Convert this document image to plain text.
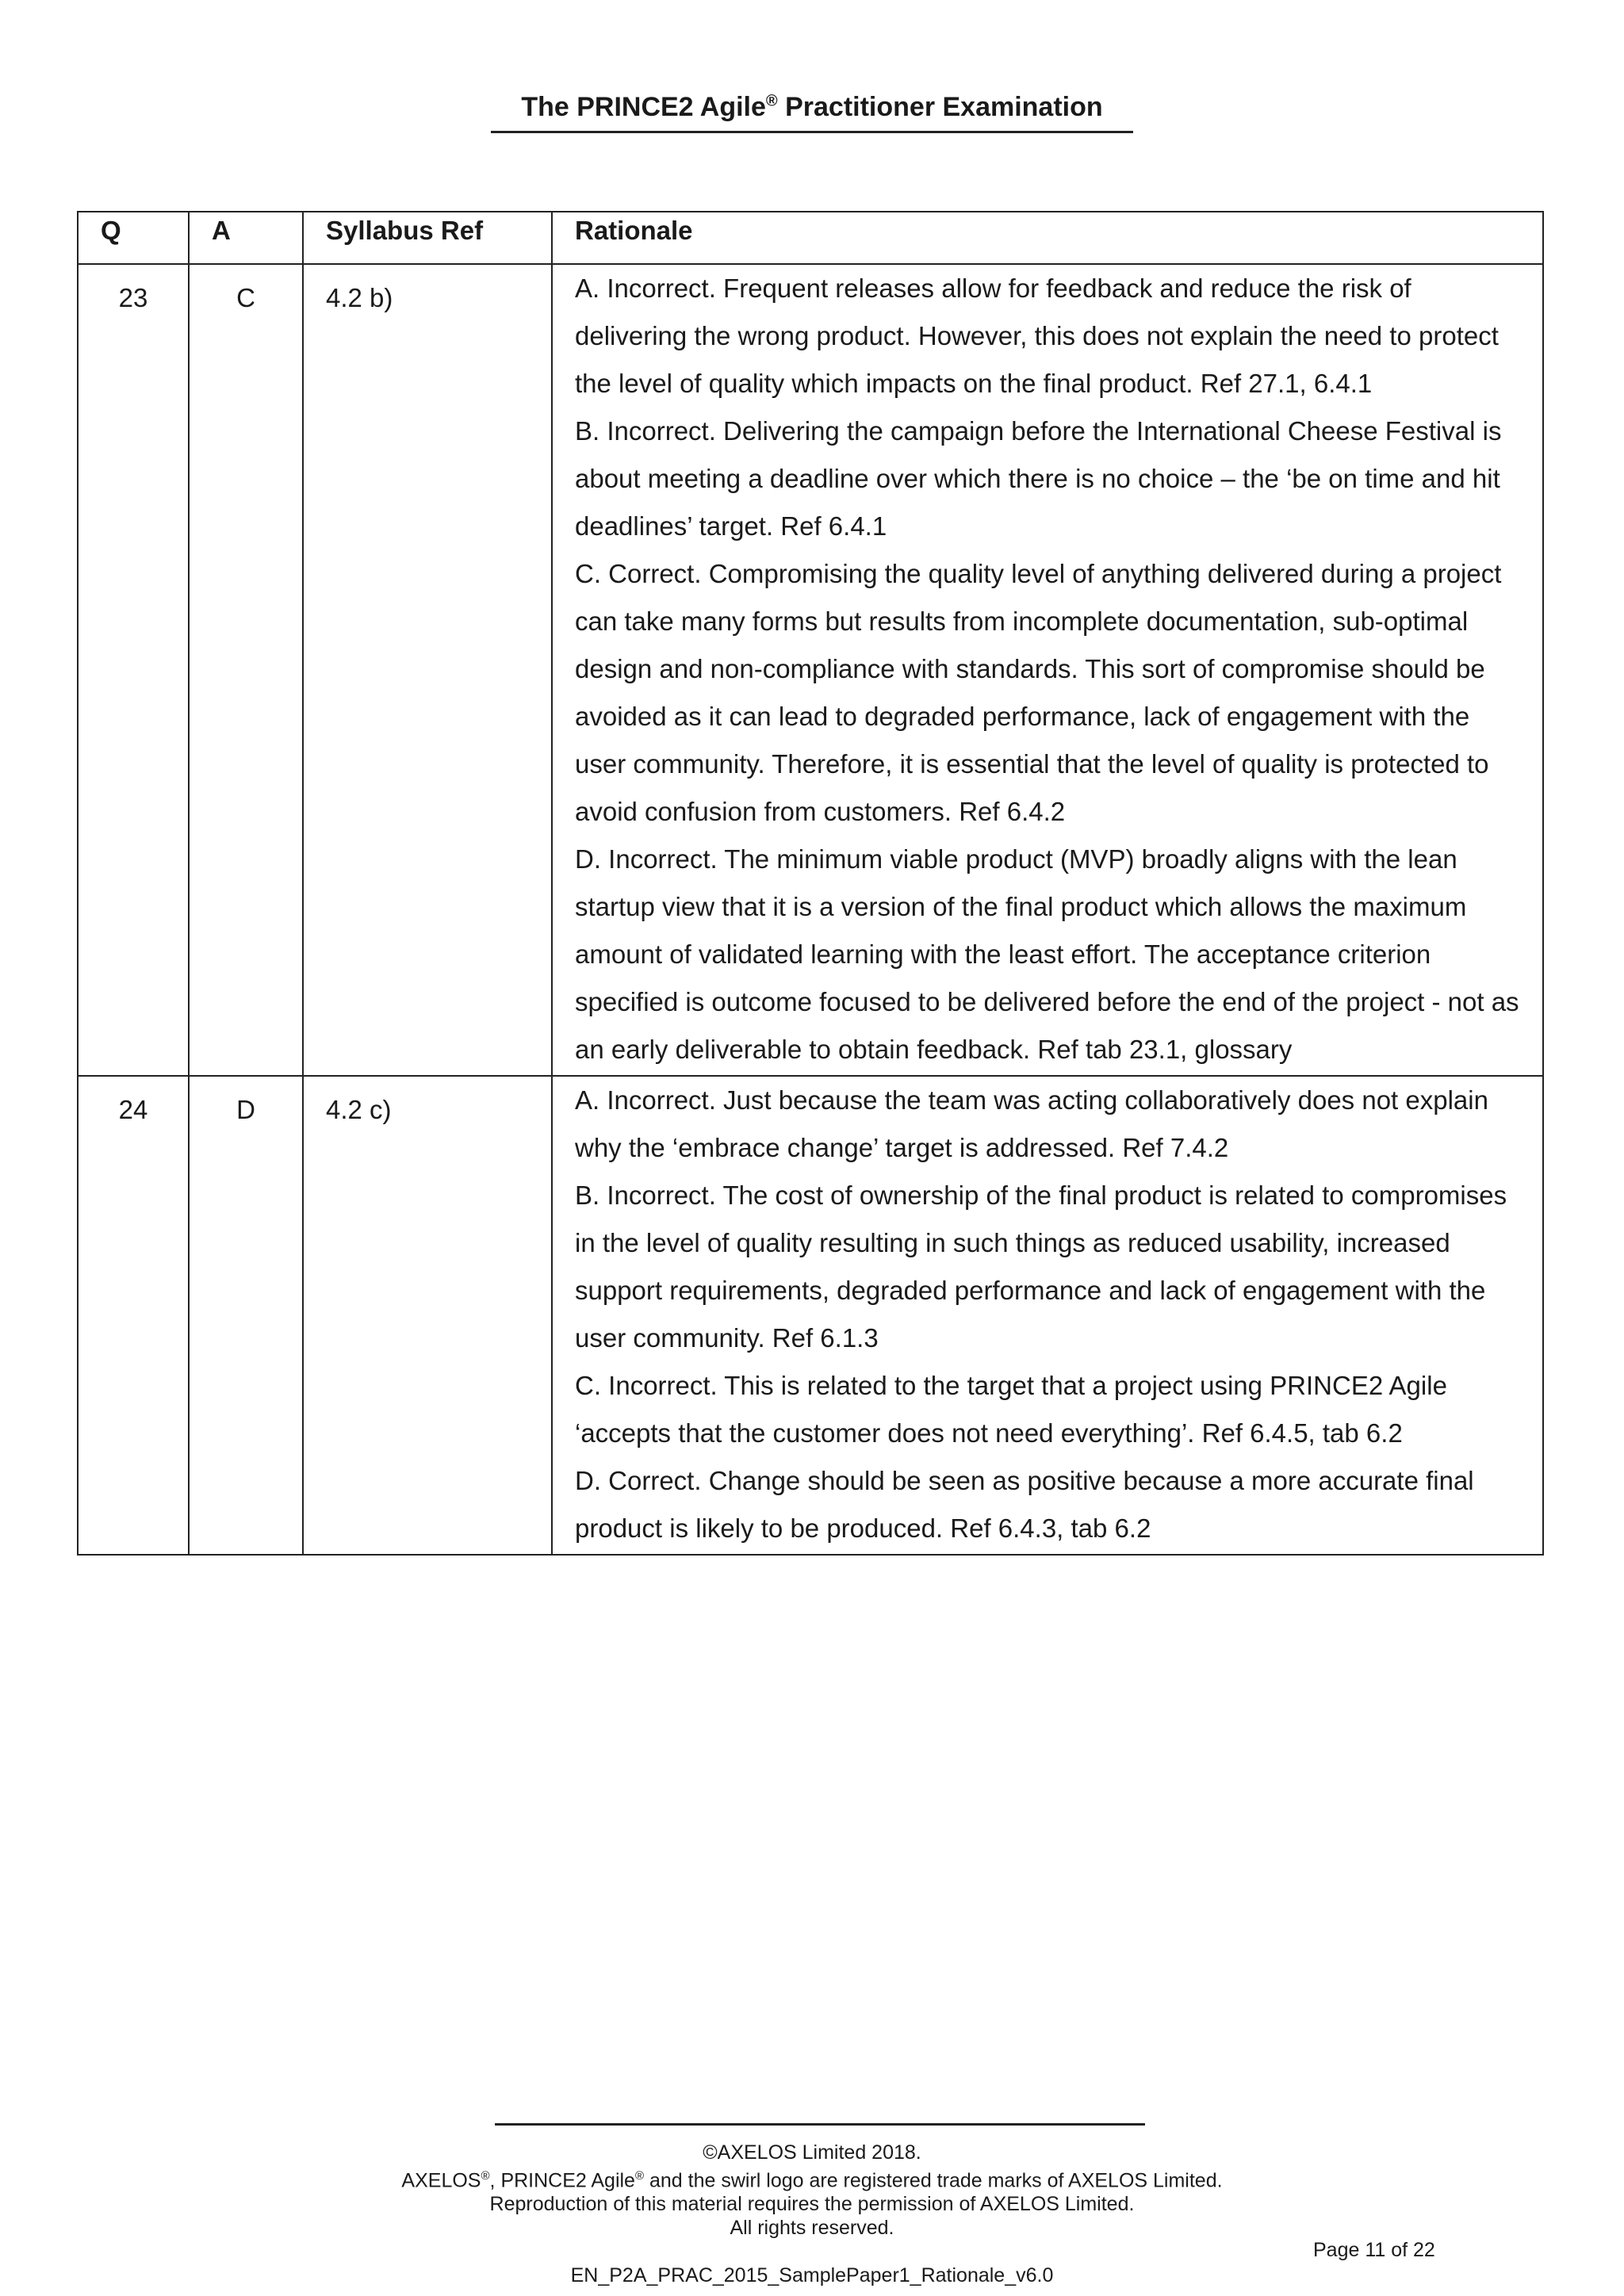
The PRINCE2 Agile® Practitioner Examination
Q	A	Syllabus Ref	Rationale
23	C	4.2 b)	A. Incorrect. Frequent releases allow for feedback and reduce the risk of delivering the wrong product. However, this does not explain the need to protect the level of quality which impacts on the final product. Ref 27.1, 6.4.1
B. Incorrect. Delivering the campaign before the International Cheese Festival is about meeting a deadline over which there is no choice – the ‘be on time and hit deadlines’ target. Ref 6.4.1
C. Correct. Compromising the quality level of anything delivered during a project can take many forms but results from incomplete documentation, sub-optimal design and non-compliance with standards. This sort of compromise should be avoided as it can lead to degraded performance, lack of engagement with the user community. Therefore, it is essential that the level of quality is protected to avoid confusion from customers. Ref 6.4.2
D. Incorrect. The minimum viable product (MVP) broadly aligns with the lean startup view that it is a version of the final product which allows the maximum amount of validated learning with the least effort. The acceptance criterion specified is outcome focused to be delivered before the end of the project - not as an early deliverable to obtain feedback. Ref tab 23.1, glossary

24	D	4.2 c)	A. Incorrect. Just because the team was acting collaboratively does not explain why the ‘embrace change’ target is addressed. Ref 7.4.2
B. Incorrect. The cost of ownership of the final product is related to compromises in the level of quality resulting in such things as reduced usability, increased support requirements, degraded performance and lack of engagement with the user community. Ref 6.1.3
C. Incorrect. This is related to the target that a project using PRINCE2 Agile ‘accepts that the customer does not need everything’. Ref 6.4.5, tab 6.2
D. Correct. Change should be seen as positive because a more accurate final product is likely to be produced. Ref 6.4.3, tab 6.2
©AXELOS Limited 2018.
AXELOS®, PRINCE2 Agile® and the swirl logo are registered trade marks of AXELOS Limited.
Reproduction of this material requires the permission of AXELOS Limited.
All rights reserved.
Page 11 of 22
EN_P2A_PRAC_2015_SamplePaper1_Rationale_v6.0
